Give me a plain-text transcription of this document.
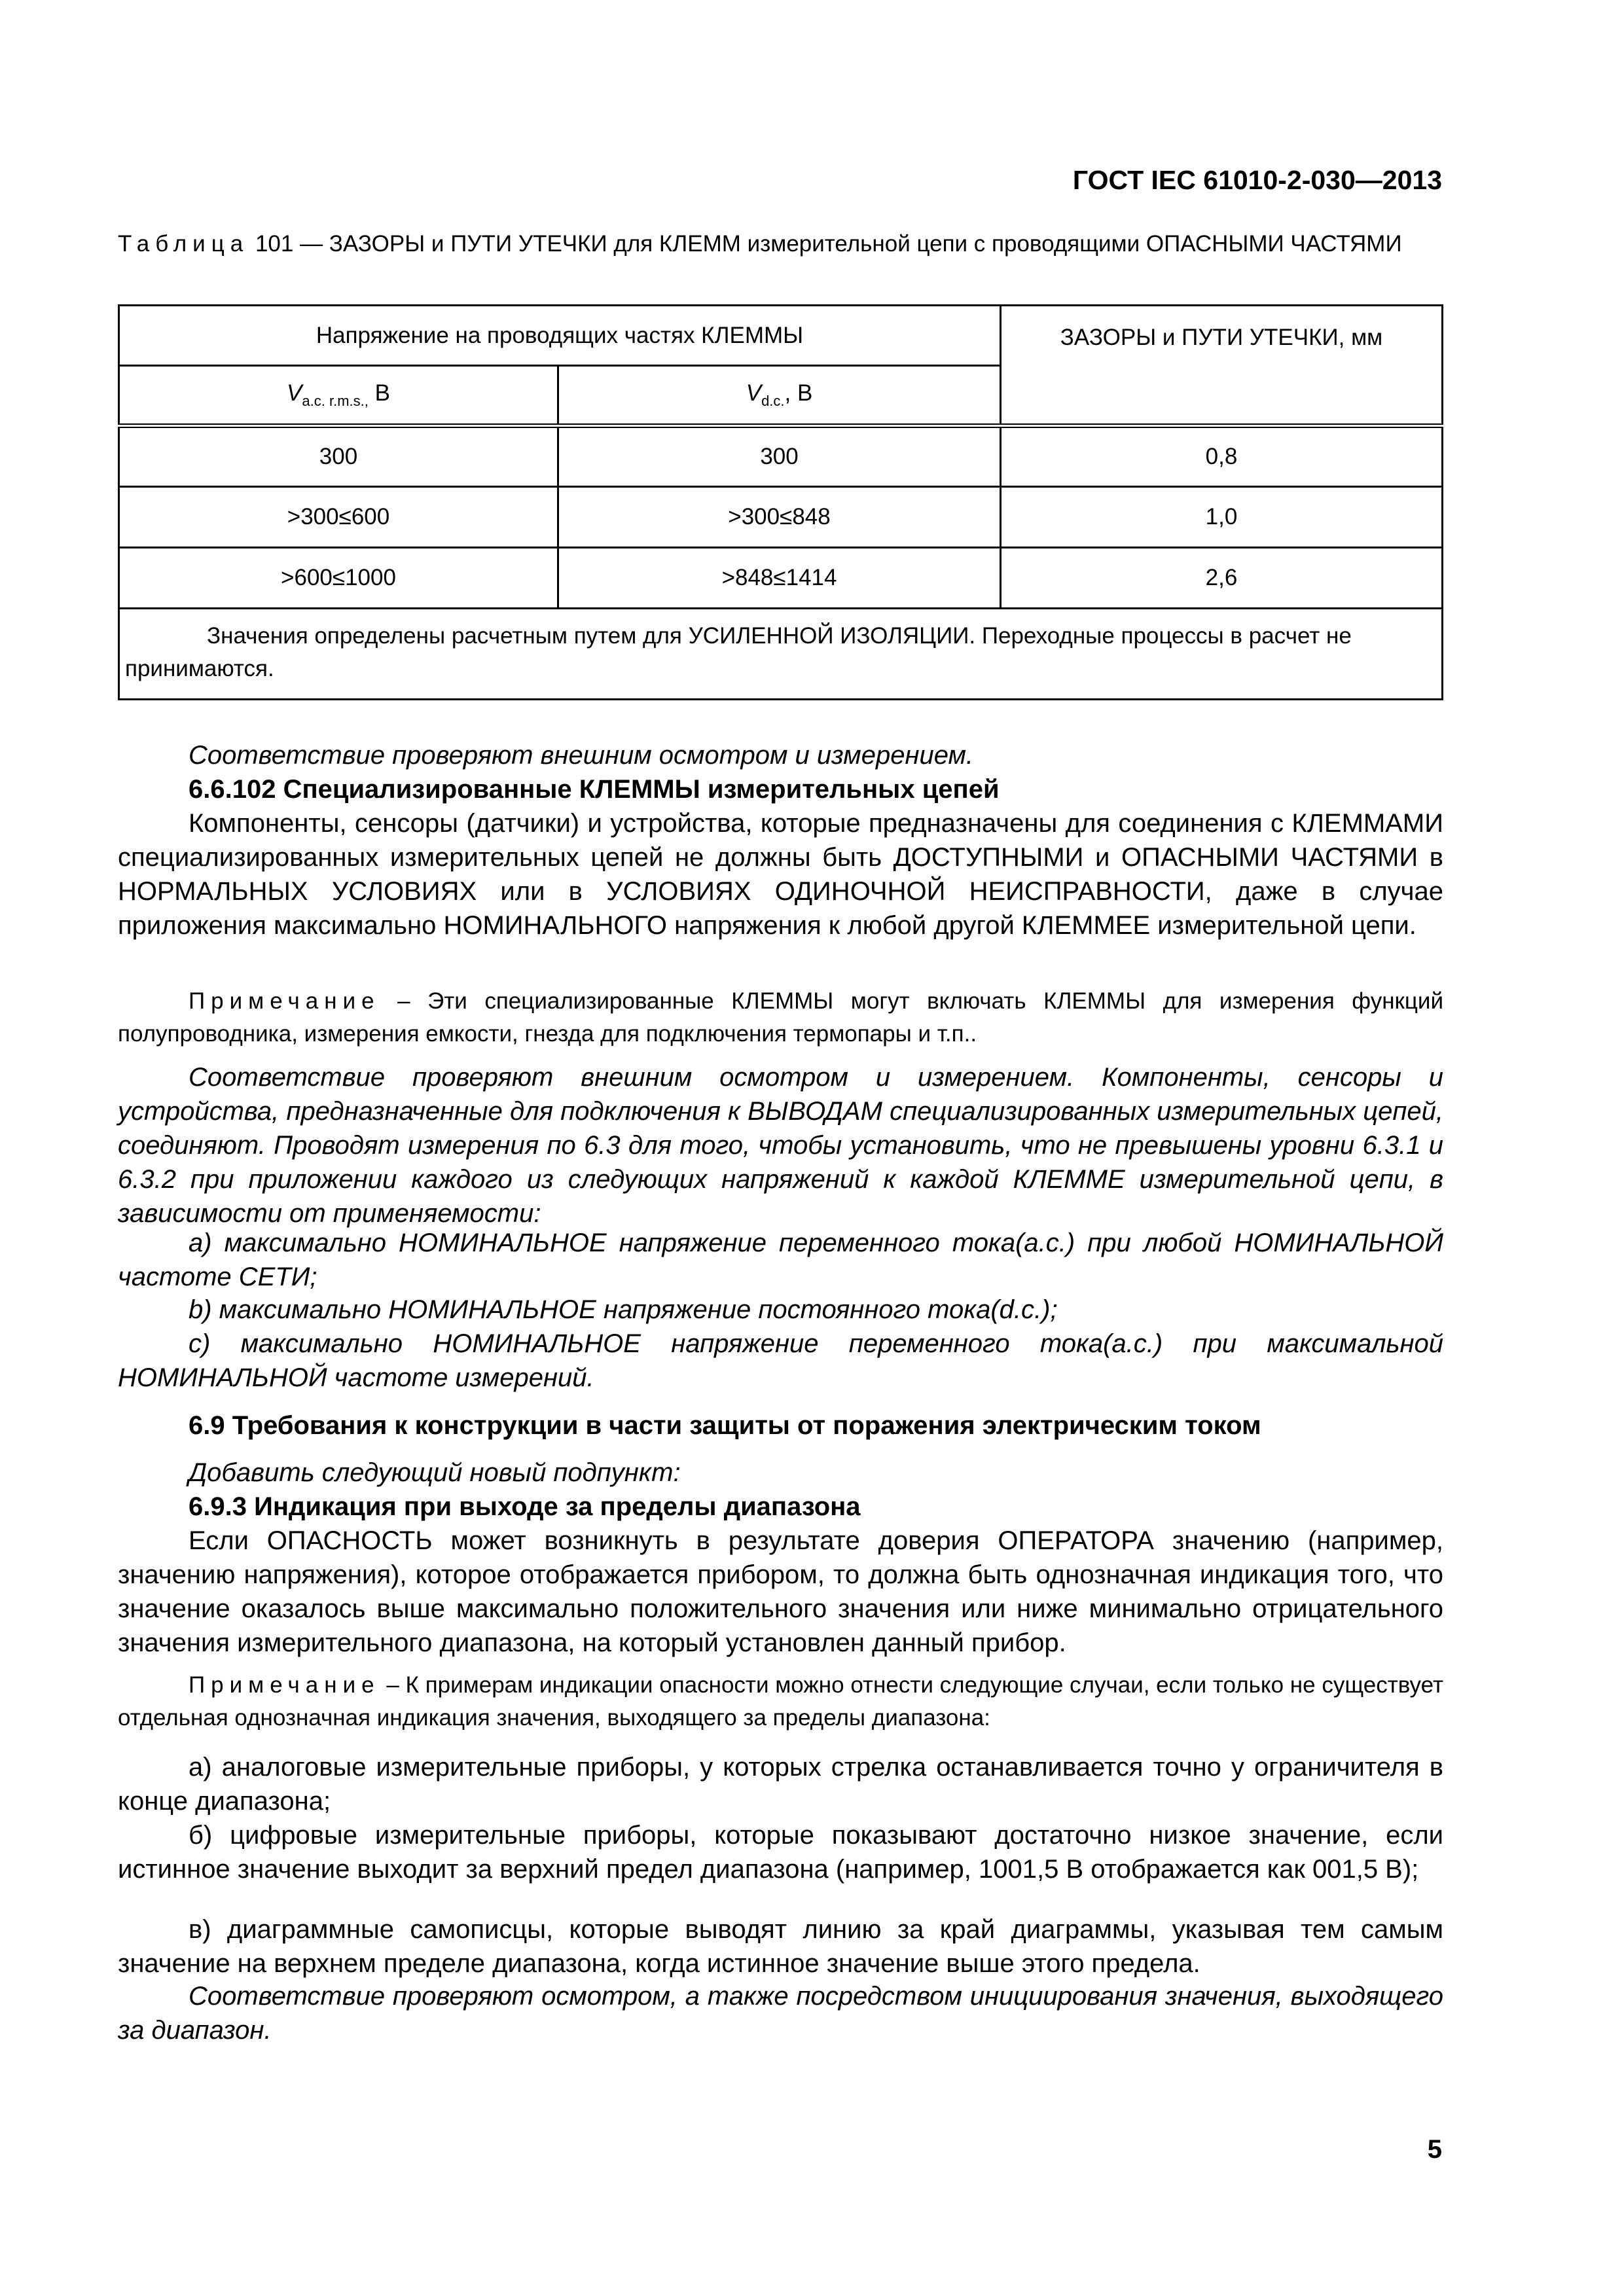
ГОСТ IEC 61010-2-030—2013

Таблица 101 — ЗАЗОРЫ и ПУТИ УТЕЧКИ для КЛЕММ измерительной цепи с проводящими ОПАСНЫМИ ЧАСТЯМИ

Напряжение на проводящих частях КЛЕММЫ		ЗАЗОРЫ и ПУТИ УТЕЧКИ, мм
$V_{a.c. r.m.s.,}$ В	$V_{d.c.}$, В	
300	300	0,8
>300≤600	>300≤848	1,0
>600≤1000	>848≤1414	2,6
Значения определены расчетным путем для УСИЛЕННОЙ ИЗОЛЯЦИИ. Переходные процессы в расчет не принимаются.		

Соответствие проверяют внешним осмотром и измерением.

6.6.102 Специализированные КЛЕММЫ измерительных цепей

Компоненты, сенсоры (датчики) и устройства, которые предназначены для соединения с КЛЕММАМИ специализированных измерительных цепей не должны быть ДОСТУПНЫМИ и ОПАСНЫМИ ЧАСТЯМИ в НОРМАЛЬНЫХ УСЛОВИЯХ или в УСЛОВИЯХ ОДИНОЧНОЙ НЕИСПРАВНОСТИ, даже в случае приложения максимально НОМИНАЛЬНОГО напряжения к любой другой КЛЕММЕЕ измерительной цепи.

Примечание – Эти специализированные КЛЕММЫ могут включать КЛЕММЫ для измерения функций полупроводника, измерения емкости, гнезда для подключения термопары и т.п..

Соответствие проверяют внешним осмотром и измерением. Компоненты, сенсоры и устройства, предназначенные для подключения к ВЫВОДАМ специализированных измерительных цепей, соединяют. Проводят измерения по 6.3 для того, чтобы установить, что не превышены уровни 6.3.1 и 6.3.2 при приложении каждого из следующих напряжений к каждой КЛЕММЕ измерительной цепи, в зависимости от применяемости:

а) максимально НОМИНАЛЬНОЕ напряжение переменного тока(a.c.) при любой НОМИНАЛЬНОЙ частоте СЕТИ;

b) максимально НОМИНАЛЬНОЕ напряжение постоянного тока(d.c.);

c) максимально НОМИНАЛЬНОЕ напряжение переменного тока(a.c.) при максимальной НОМИНАЛЬНОЙ частоте измерений.

6.9 Требования к конструкции в части защиты от поражения электрическим током

Добавить следующий новый подпункт:

6.9.3 Индикация при выходе за пределы диапазона

Если ОПАСНОСТЬ может возникнуть в результате доверия ОПЕРАТОРА значению (например, значению напряжения), которое отображается прибором, то должна быть однозначная индикация того, что значение оказалось выше максимально положительного значения или ниже минимально отрицательного значения измерительного диапазона, на который установлен данный прибор.

Примечание – К примерам индикации опасности можно отнести следующие случаи, если только не существует отдельная однозначная индикация значения, выходящего за пределы диапазона:

а) аналоговые измерительные приборы, у которых стрелка останавливается точно у ограничителя в конце диапазона;

б) цифровые измерительные приборы, которые показывают достаточно низкое значение, если истинное значение выходит за верхний предел диапазона (например, 1001,5 В отображается как 001,5 В);

в) диаграммные самописцы, которые выводят линию за край диаграммы, указывая тем самым значение на верхнем пределе диапазона, когда истинное значение выше этого предела.

Соответствие проверяют осмотром, а также посредством инициирования значения, выходящего за диапазон.

5
